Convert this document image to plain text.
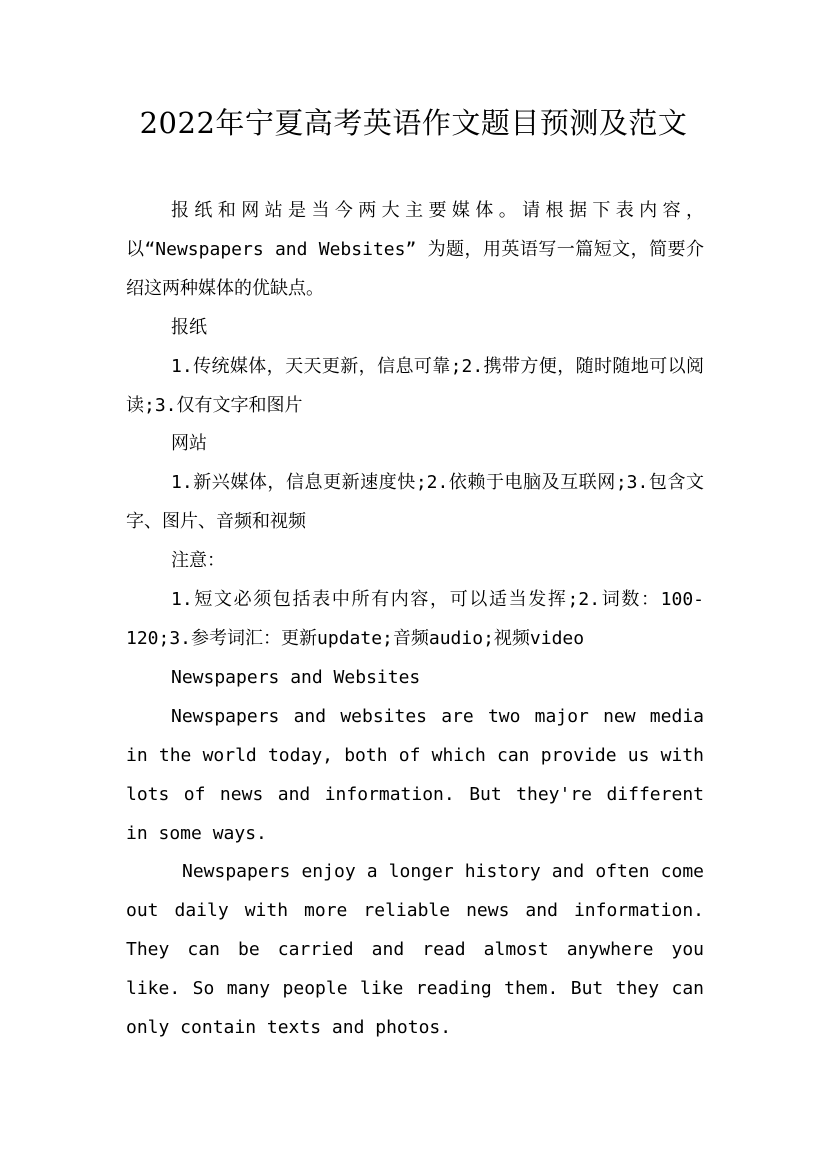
2022年宁夏高考英语作文题目预测及范文

报纸和网站是当今两大主要媒体。请根据下表内容，以“Newspapers and Websites” 为题，用英语写一篇短文，简要介绍这两种媒体的优缺点。

报纸

1.传统媒体，天天更新，信息可靠;2.携带方便，随时随地可以阅读;3.仅有文字和图片

网站

1.新兴媒体，信息更新速度快;2.依赖于电脑及互联网;3.包含文字、图片、音频和视频

注意：

1.短文必须包括表中所有内容，可以适当发挥;2.词数：100-120;3.参考词汇：更新update;音频audio;视频video

Newspapers and Websites

Newspapers and websites are two major new media in the world today, both of which can provide us with lots of news and information. But they're different in some ways.

Newspapers enjoy a longer history and often come out daily with more reliable news and information. They can be carried and read almost anywhere you like. So many people like reading them. But they can only contain texts and photos.
